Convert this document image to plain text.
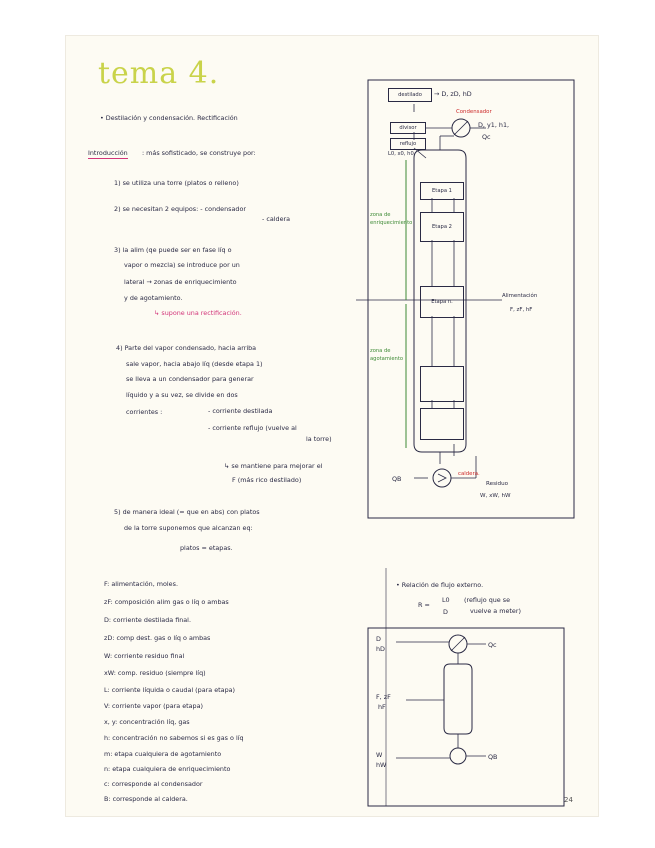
tema 4.
• Destilación y condensación. Rectificación
Introducción : más sofisticado, se construye por:
1) se utiliza una torre (platos o relleno)
2) se necesitan 2 equipos: - condensador
- caldera
3) la alim (qe puede ser en fase líq o
vapor o mezcla) se introduce por un
lateral → zonas de enriquecimiento
y de agotamiento.
↳ supone una rectificación.
4) Parte del vapor condensado, hacia arriba
sale vapor, hacia abajo líq (desde etapa 1)
se lleva a un condensador para generar
líquido y a su vez, se divide en dos
corrientes :	- corriente destilada
- corriente reflujo (vuelve al
la torre)
↳ se mantiene para mejorar el
F (más rico destilado)
5) de manera ideal (= que en abs) con platos
de la torre suponemos que alcanzan eq:
platos = etapas.
F: alimentación, moles.
zF: composición alim gas o líq o ambas
D: corriente destilada final.
zD: comp dest. gas o líq o ambas
W: corriente residuo final
xW: comp. residuo (siempre líq)
L: corriente líquida o caudal (para etapa)
V: corriente vapor (para etapa)
x, y: concentración líq, gas
h: concentración no sabemos si es gas o líq
m: etapa cualquiera de agotamiento
n: etapa cualquiera de enriquecimiento
c: corresponde al condensador
B: corresponde al caldera.
• Relación de flujo externo.
R =
L0
D
(reflujo que se
vuelve a meter)
destilado	→ D, zD, hD
Condensador
D, y1, h1,
Qc
divisor
reflujo
L0, x0, h0
Etapa 1
Etapa 2
Etapa n.
zona de enriquecimiento
zona de agotamiento
Alimentación
F, zF, hF
caldera.
QB
Residuo
W, xW, hW
D
hD	Qc
F, zF
hF
W
hW
QB
24
